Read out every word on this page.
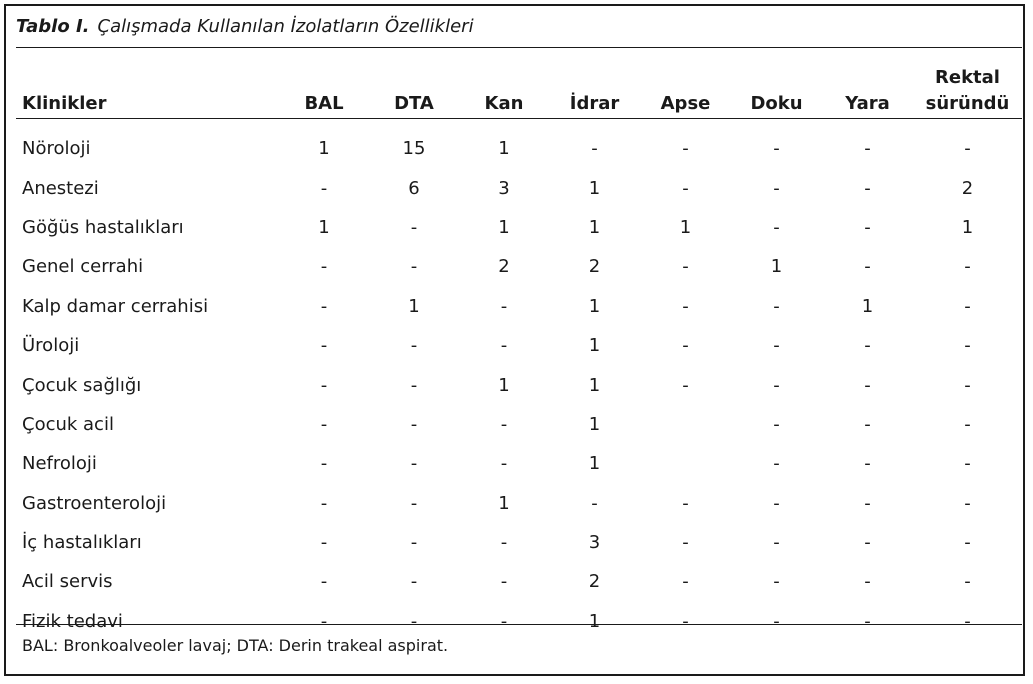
Tablo I. Çalışmada Kullanılan İzolatların Özellikleri
Klinikler	BAL	DTA	Kan	İdrar	Apse	Doku	Yara	Rektal
süründü
Nöroloji	1	15	1	-	-	-	-	-
Anestezi	-	6	3	1	-	-	-	2
Göğüs hastalıkları	1	-	1	1	1	-	-	1
Genel cerrahi	-	-	2	2	-	1	-	-
Kalp damar cerrahisi	-	1	-	1	-	-	1	-
Üroloji	-	-	-	1	-	-	-	-
Çocuk sağlığı	-	-	1	1	-	-	-	-
Çocuk acil	-	-	-	1		-	-	-
Nefroloji	-	-	-	1		-	-	-
Gastroenteroloji	-	-	1	-	-	-	-	-
İç hastalıkları	-	-	-	3	-	-	-	-
Acil servis	-	-	-	2	-	-	-	-
Fizik tedavi	-	-	-	1	-	-	-	-
BAL: Bronkoalveoler lavaj; DTA: Derin trakeal aspirat.
